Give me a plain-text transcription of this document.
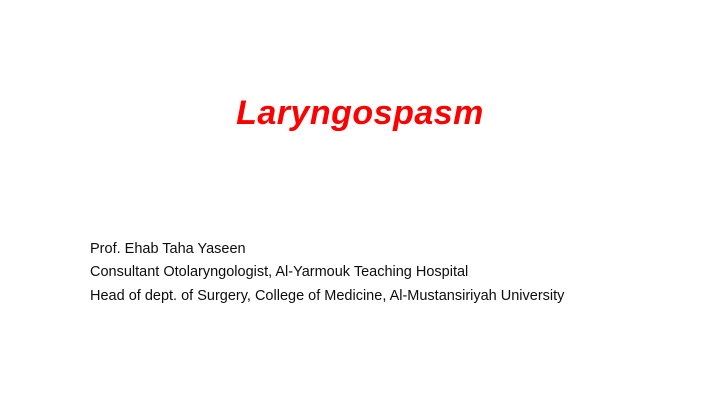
Laryngospasm
Prof. Ehab Taha Yaseen
Consultant Otolaryngologist, Al-Yarmouk Teaching Hospital
Head of dept. of Surgery, College of Medicine, Al-Mustansiriyah University
